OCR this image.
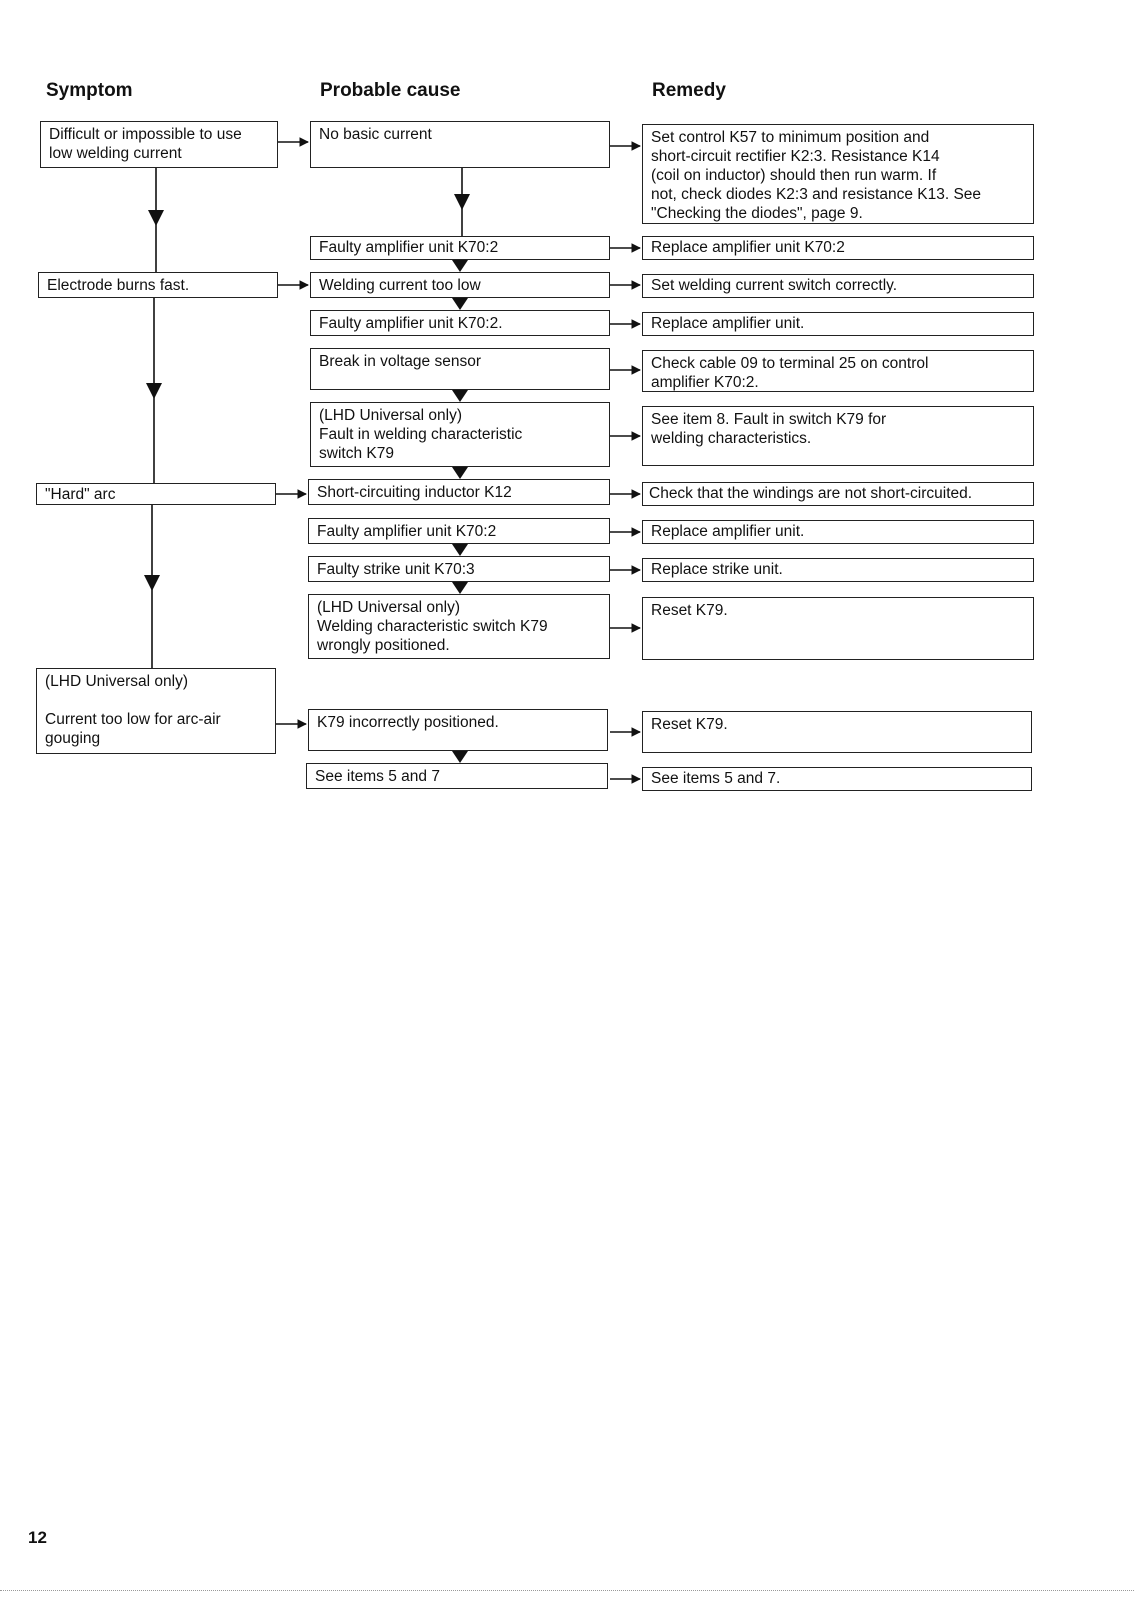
Symptom	Probable cause	Remedy
Difficult or impossible to use
low welding current
Electrode burns fast.
"Hard" arc
(LHD Universal only)
Current too low for arc-air
gouging
No basic current
Faulty amplifier unit K70:2
Welding current too low
Faulty amplifier unit K70:2.
Break in voltage sensor
(LHD Universal only)
Fault in welding characteristic
switch K79
Short-circuiting inductor K12
Faulty amplifier unit K70:2
Faulty strike unit K70:3
(LHD Universal only)
Welding characteristic switch K79
wrongly positioned.
K79 incorrectly positioned.
See items 5 and 7
Set control K57 to minimum position and
short-circuit rectifier K2:3. Resistance K14
(coil on inductor) should then run warm. If
not, check diodes K2:3 and resistance K13. See
"Checking the diodes", page 9.
Replace amplifier unit K70:2
Set welding current switch correctly.
Replace amplifier unit.
Check cable 09 to terminal 25 on control
amplifier K70:2.
See item 8. Fault in switch K79 for
welding characteristics.
Check that the windings are not short-circuited.
Replace amplifier unit.
Replace strike unit.
Reset K79.
Reset K79.
See items 5 and 7.

12
